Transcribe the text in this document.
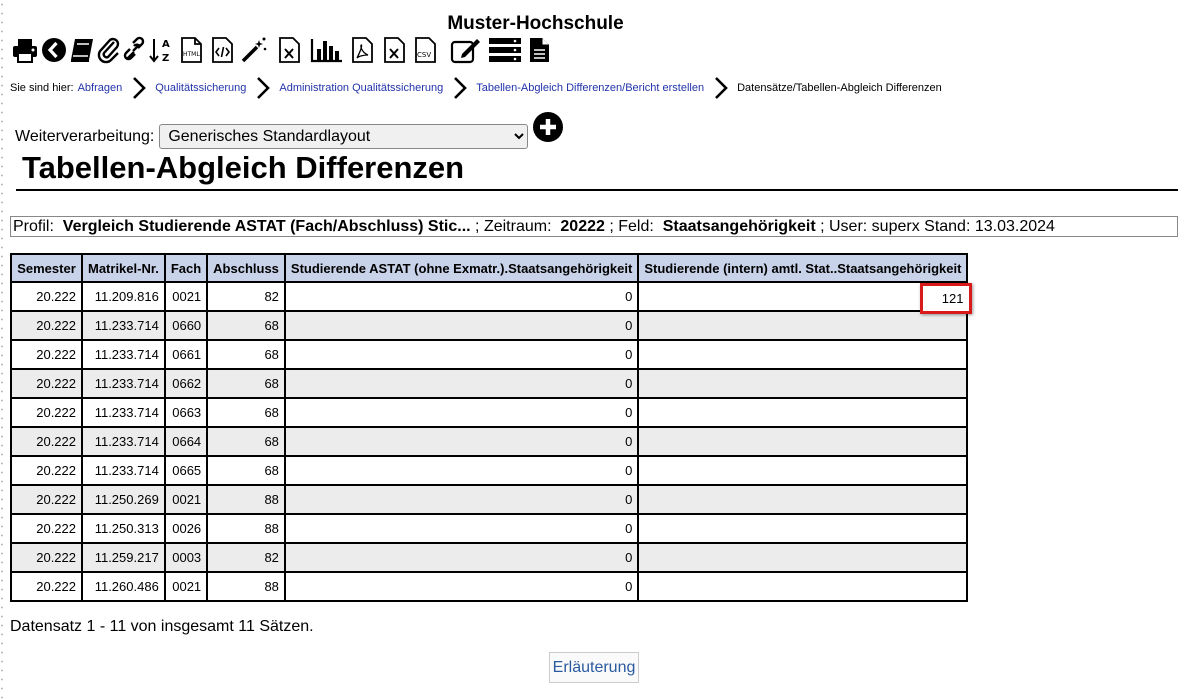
Muster-Hochschule
A
Z HTML	CSV
Sie sind hier: Abfragen	Qualitätssicherung	Administration Qualitätssicherung	Tabellen-Abgleich Differenzen/Bericht erstellen	Datensätze/Tabellen-Abgleich Differenzen
Weiterverarbeitung:
Generisches Standardlayout
Tabellen-Abgleich Differenzen
Profil: Vergleich Studierende ASTAT (Fach/Abschluss) Stic... ; Zeitraum: 20222 ; Feld: Staatsangehörigkeit ; User: superx Stand: 13.03.2024
Semester	Matrikel-Nr.	Fach	Abschluss	Studierende ASTAT (ohne Exmatr.).Staatsangehörigkeit	Studierende (intern) amtl. Stat..Staatsangehörigkeit
20.222	11.209.816	0021	82	0	121

20.222	11.233.714	0660	68	0	
20.222	11.233.714	0661	68	0	
20.222	11.233.714	0662	68	0	
20.222	11.233.714	0663	68	0	
20.222	11.233.714	0664	68	0	
20.222	11.233.714	0665	68	0	
20.222	11.250.269	0021	88	0	
20.222	11.250.313	0026	88	0	
20.222	11.259.217	0003	82	0	
20.222	11.260.486	0021	88	0	
Datensatz 1 - 11 von insgesamt 11 Sätzen.
Erläuterung
